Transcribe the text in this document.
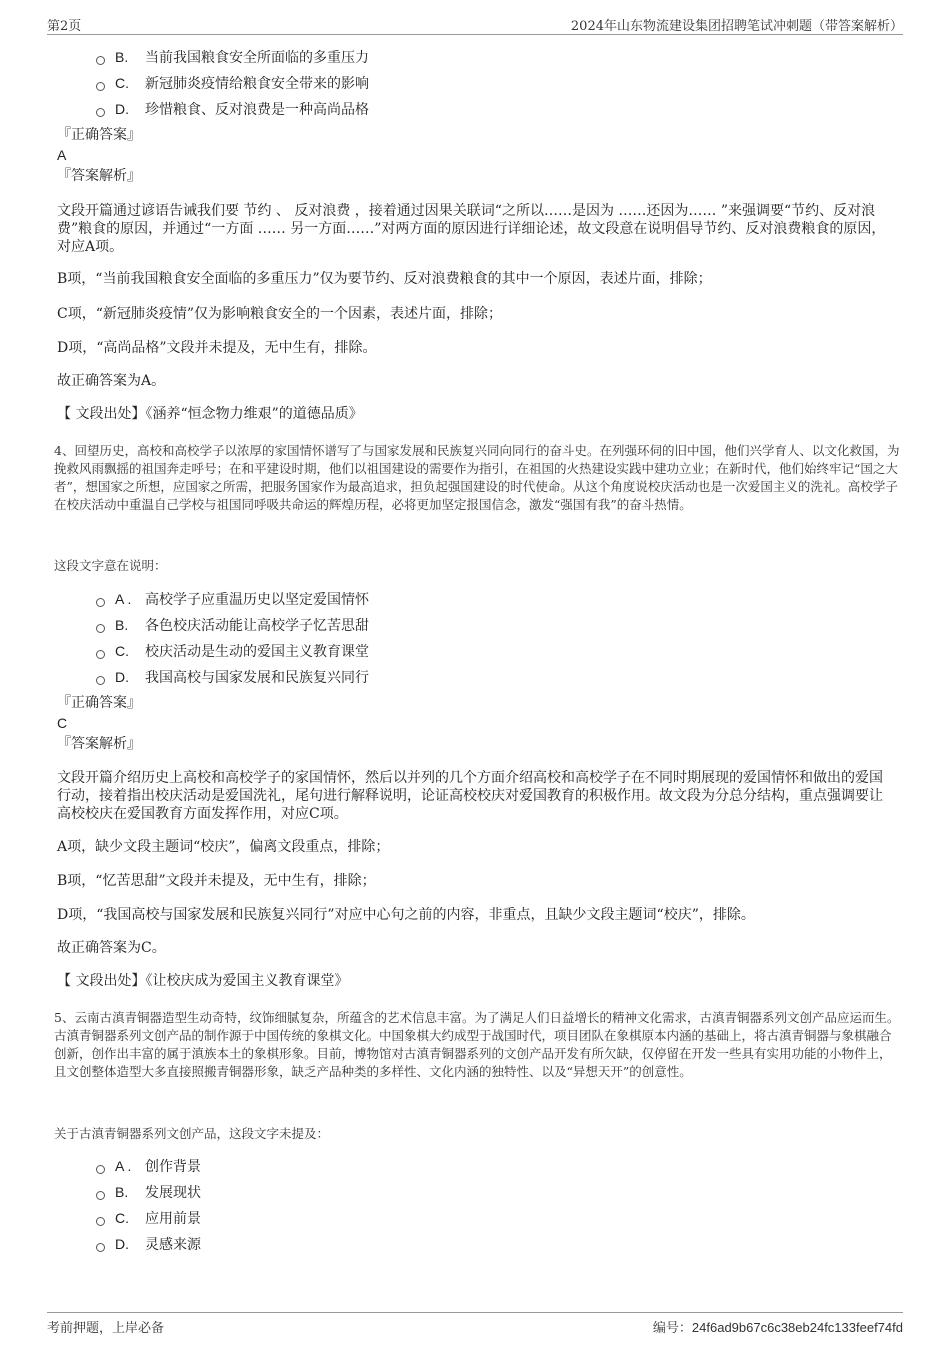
第2页	2024年山东物流建设集团招聘笔试冲刺题（带答案解析）
B.	当前我国粮食安全所面临的多重压力
C.	新冠肺炎疫情给粮食安全带来的影响
D.	珍惜粮食、反对浪费是一种高尚品格
『正确答案』
A
『答案解析』
文段开篇通过谚语告诫我们要 节约 、 反对浪费 ，接着通过因果关联词“之所以……是因为 ……还因为…… ”来强调要“节约、反对浪费”粮食的原因，并通过“一方面 …… 另一方面……”对两方面的原因进行详细论述，故文段意在说明倡导节约、反对浪费粮食的原因，对应A项。
B项，“当前我国粮食安全面临的多重压力”仅为要节约、反对浪费粮食的其中一个原因，表述片面，排除；
C项，“新冠肺炎疫情”仅为影响粮食安全的一个因素，表述片面，排除；
D项，“高尚品格”文段并未提及，无中生有，排除。
故正确答案为A。
【 文段出处】《涵养“恒念物力维艰”的道德品质》
4、回望历史，高校和高校学子以浓厚的家国情怀谱写了与国家发展和民族复兴同向同行的奋斗史。在列强环伺的旧中国，他们兴学育人、以文化救国，为挽救风雨飘摇的祖国奔走呼号；在和平建设时期，他们以祖国建设的需要作为指引，在祖国的火热建设实践中建功立业；在新时代，他们始终牢记“国之大者”，想国家之所想，应国家之所需，把服务国家作为最高追求，担负起强国建设的时代使命。从这个角度说校庆活动也是一次爱国主义的洗礼。高校学子在校庆活动中重温自己学校与祖国同呼吸共命运的辉煌历程，必将更加坚定报国信念，激发“强国有我”的奋斗热情。
这段文字意在说明：
A . 高校学子应重温历史以坚定爱国情怀
B.	各色校庆活动能让高校学子忆苦思甜
C.	校庆活动是生动的爱国主义教育课堂
D.	我国高校与国家发展和民族复兴同行
『正确答案』
C
『答案解析』
文段开篇介绍历史上高校和高校学子的家国情怀，然后以并列的几个方面介绍高校和高校学子在不同时期展现的爱国情怀和做出的爱国行动，接着指出校庆活动是爱国洗礼，尾句进行解释说明，论证高校校庆对爱国教育的积极作用。故文段为分总分结构，重点强调要让高校校庆在爱国教育方面发挥作用，对应C项。
A项，缺少文段主题词“校庆”，偏离文段重点，排除；
B项，“忆苦思甜”文段并未提及，无中生有，排除；
D项，“我国高校与国家发展和民族复兴同行”对应中心句之前的内容，非重点，且缺少文段主题词“校庆”，排除。
故正确答案为C。
【 文段出处】《让校庆成为爱国主义教育课堂》
5、云南古滇青铜器造型生动奇特，纹饰细腻复杂，所蕴含的艺术信息丰富。为了满足人们日益增长的精神文化需求，古滇青铜器系列文创产品应运而生。古滇青铜器系列文创产品的制作源于中国传统的象棋文化。中国象棋大约成型于战国时代，项目团队在象棋原本内涵的基础上，将古滇青铜器与象棋融合创新，创作出丰富的属于滇族本土的象棋形象。目前，博物馆对古滇青铜器系列的文创产品开发有所欠缺，仅停留在开发一些具有实用功能的小物件上，且文创整体造型大多直接照搬青铜器形象，缺乏产品种类的多样性、文化内涵的独特性、以及“异想天开”的创意性。
关于古滇青铜器系列文创产品，这段文字未提及：
A . 创作背景
B.	发展现状
C.	应用前景
D.	灵感来源
考前押题，上岸必备	编号：24f6ad9b67c6c38eb24fc133feef74fd
